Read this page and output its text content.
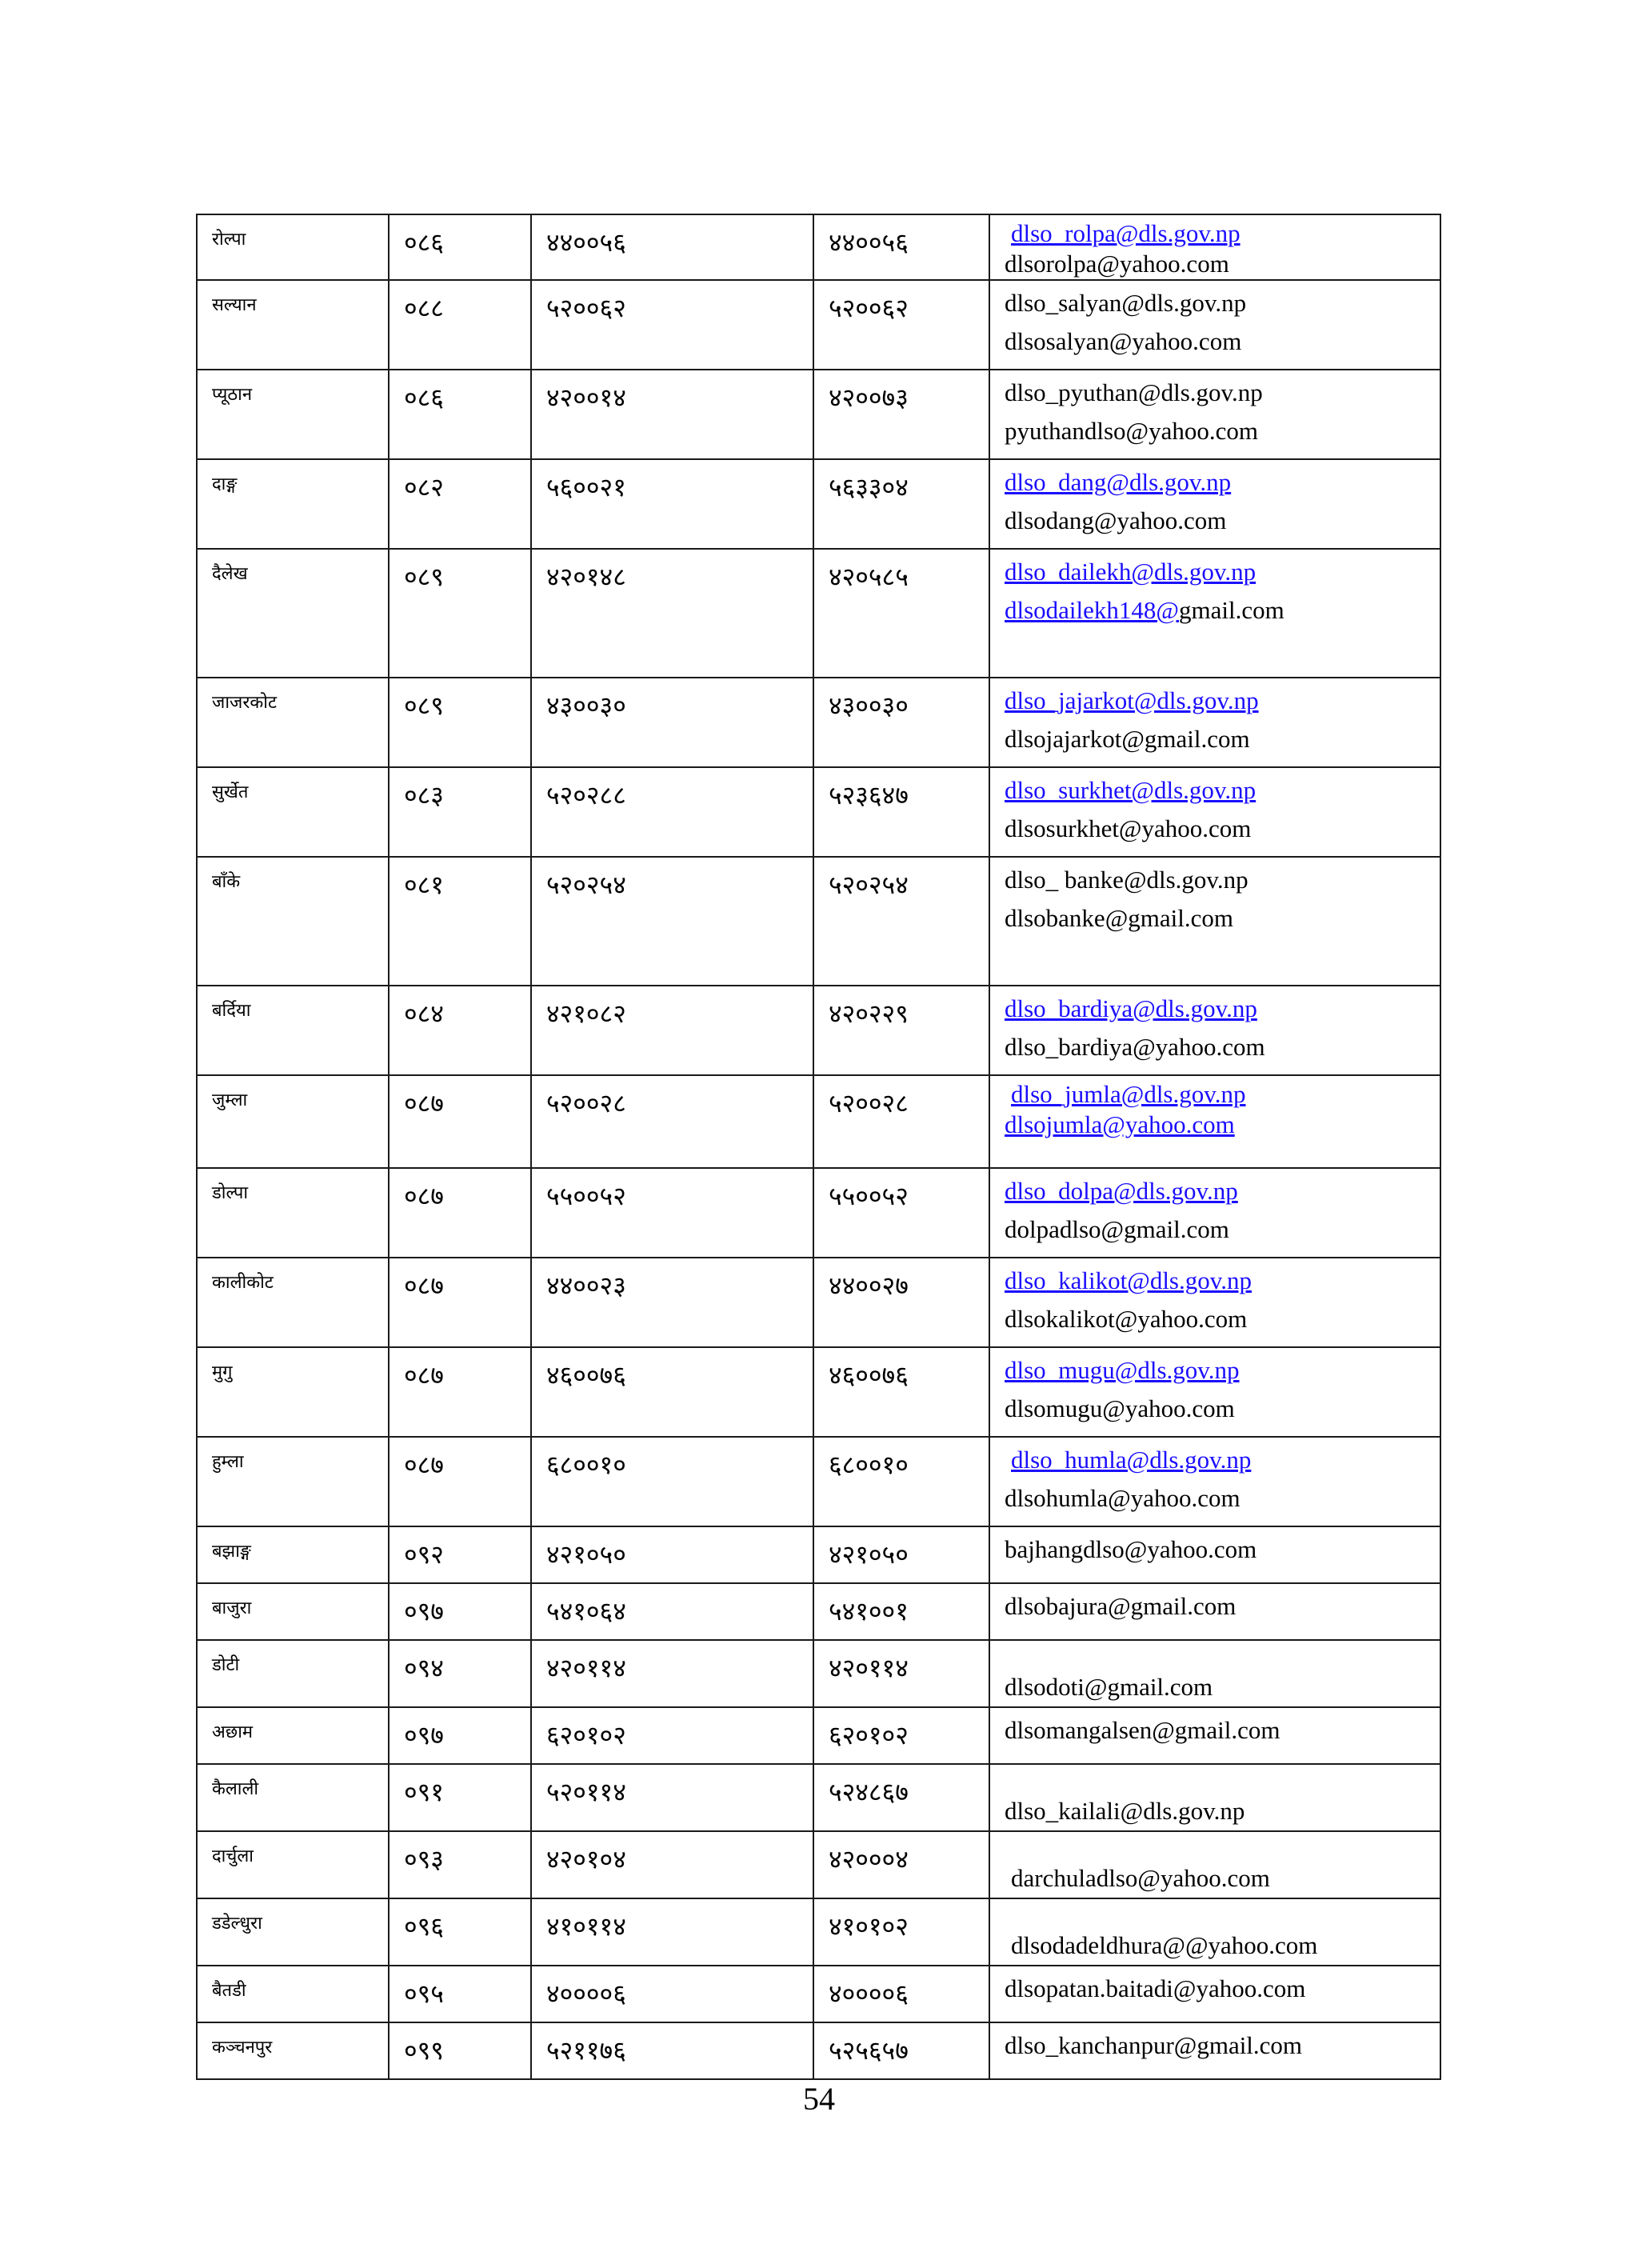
रोल्पा	०८६	४४००५६	४४००५६	dlso_rolpa@dls.gov.np
dlsorolpa@yahoo.com

सल्यान	०८८	५२००६२	५२००६२	dlso_salyan@dls.gov.np
dlsosalyan@yahoo.com

प्यूठान	०८६	४२००१४	४२००७३	dlso_pyuthan@dls.gov.np
pyuthandlso@yahoo.com

दाङ्ग	०८२	५६००२१	५६३३०४	dlso_dang@dls.gov.np
dlsodang@yahoo.com

दैलेख	०८९	४२०१४८	४२०५८५	dlso_dailekh@dls.gov.np
dlsodailekh148@gmail.com

जाजरकोट	०८९	४३००३०	४३००३०	dlso_jajarkot@dls.gov.np
dlsojajarkot@gmail.com

सुर्खेत	०८३	५२०२८८	५२३६४७	dlso_surkhet@dls.gov.np
dlsosurkhet@yahoo.com

बाँके	०८१	५२०२५४	५२०२५४	dlso_ banke@dls.gov.np
dlsobanke@gmail.com

बर्दिया	०८४	४२१०८२	४२०२२९	dlso_bardiya@dls.gov.np
dlso_bardiya@yahoo.com

जुम्ला	०८७	५२००२८	५२००२८	dlso_jumla@dls.gov.np
dlsojumla@yahoo.com

डोल्पा	०८७	५५००५२	५५००५२	dlso_dolpa@dls.gov.np
dolpadlso@gmail.com

कालीकोट	०८७	४४००२३	४४००२७	dlso_kalikot@dls.gov.np
dlsokalikot@yahoo.com

मुगु	०८७	४६००७६	४६००७६	dlso_mugu@dls.gov.np
dlsomugu@yahoo.com

हुम्ला	०८७	६८००१०	६८००१०	dlso_humla@dls.gov.np
dlsohumla@yahoo.com

बझाङ्ग	०९२	४२१०५०	४२१०५०	bajhangdlso@yahoo.com

बाजुरा	०९७	५४१०६४	५४१००१	dlsobajura@gmail.com

डोटी	०९४	४२०११४	४२०११४	dlsodoti@gmail.com

अछाम	०९७	६२०१०२	६२०१०२	dlsomangalsen@gmail.com

कैलाली	०९१	५२०११४	५२४८६७	dlso_kailali@dls.gov.np

दार्चुला	०९३	४२०१०४	४२०००४	darchuladlso@yahoo.com

डडेल्धुरा	०९६	४१०११४	४१०१०२	dlsodadeldhura@@yahoo.com

बैतडी	०९५	४००००६	४००००६	dlsopatan.baitadi@yahoo.com

कञ्चनपुर	०९९	५२११७६	५२५६५७	dlso_kanchanpur@gmail.com
54
